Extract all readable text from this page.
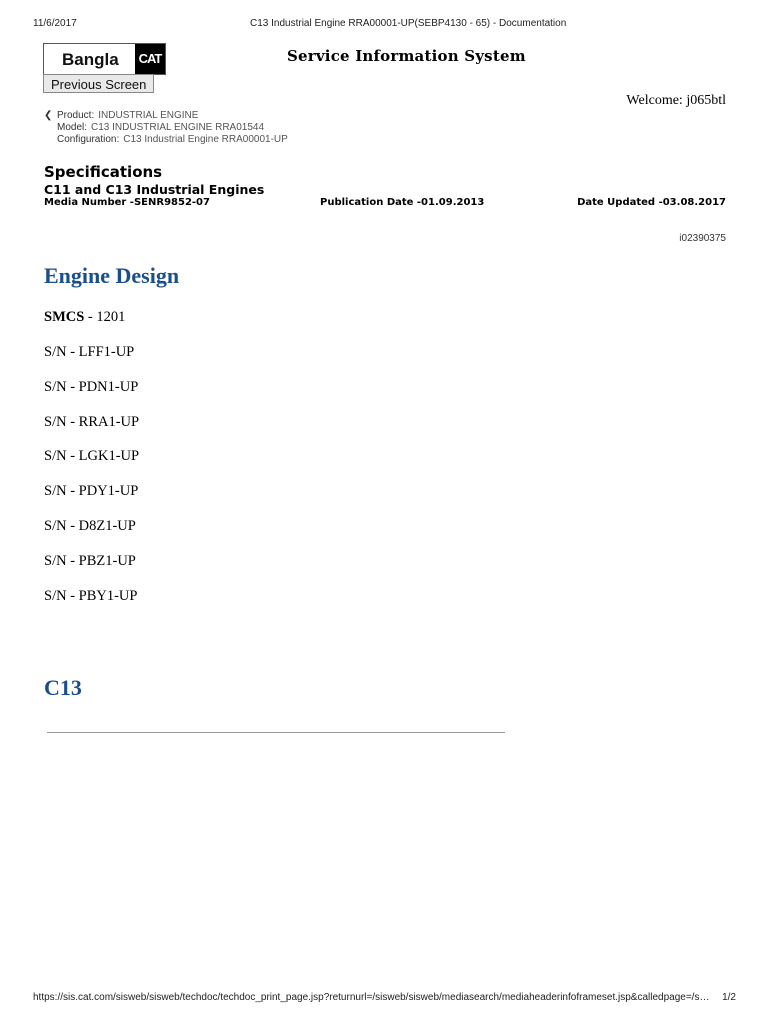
11/6/2017	C13 Industrial Engine RRA00001-UP(SEBP4130 - 65) - Documentation
Bangla CAT
Previous Screen
Service Information System
Welcome: j065btl
❮ Product: INDUSTRIAL ENGINE
Model: C13 INDUSTRIAL ENGINE RRA01544
Configuration: C13 Industrial Engine RRA00001-UP
Specifications
C11 and C13 Industrial Engines
Media Number -SENR9852-07	Publication Date -01.09.2013	Date Updated -03.08.2017
i02390375
Engine Design
SMCS - 1201
S/N - LFF1-UP
S/N - PDN1-UP
S/N - RRA1-UP
S/N - LGK1-UP
S/N - PDY1-UP
S/N - D8Z1-UP
S/N - PBZ1-UP
S/N - PBY1-UP
C13
https://sis.cat.com/sisweb/sisweb/techdoc/techdoc_print_page.jsp?returnurl=/sisweb/sisweb/mediasearch/mediaheaderinfoframeset.jsp&calledpage=/s…	1/2
